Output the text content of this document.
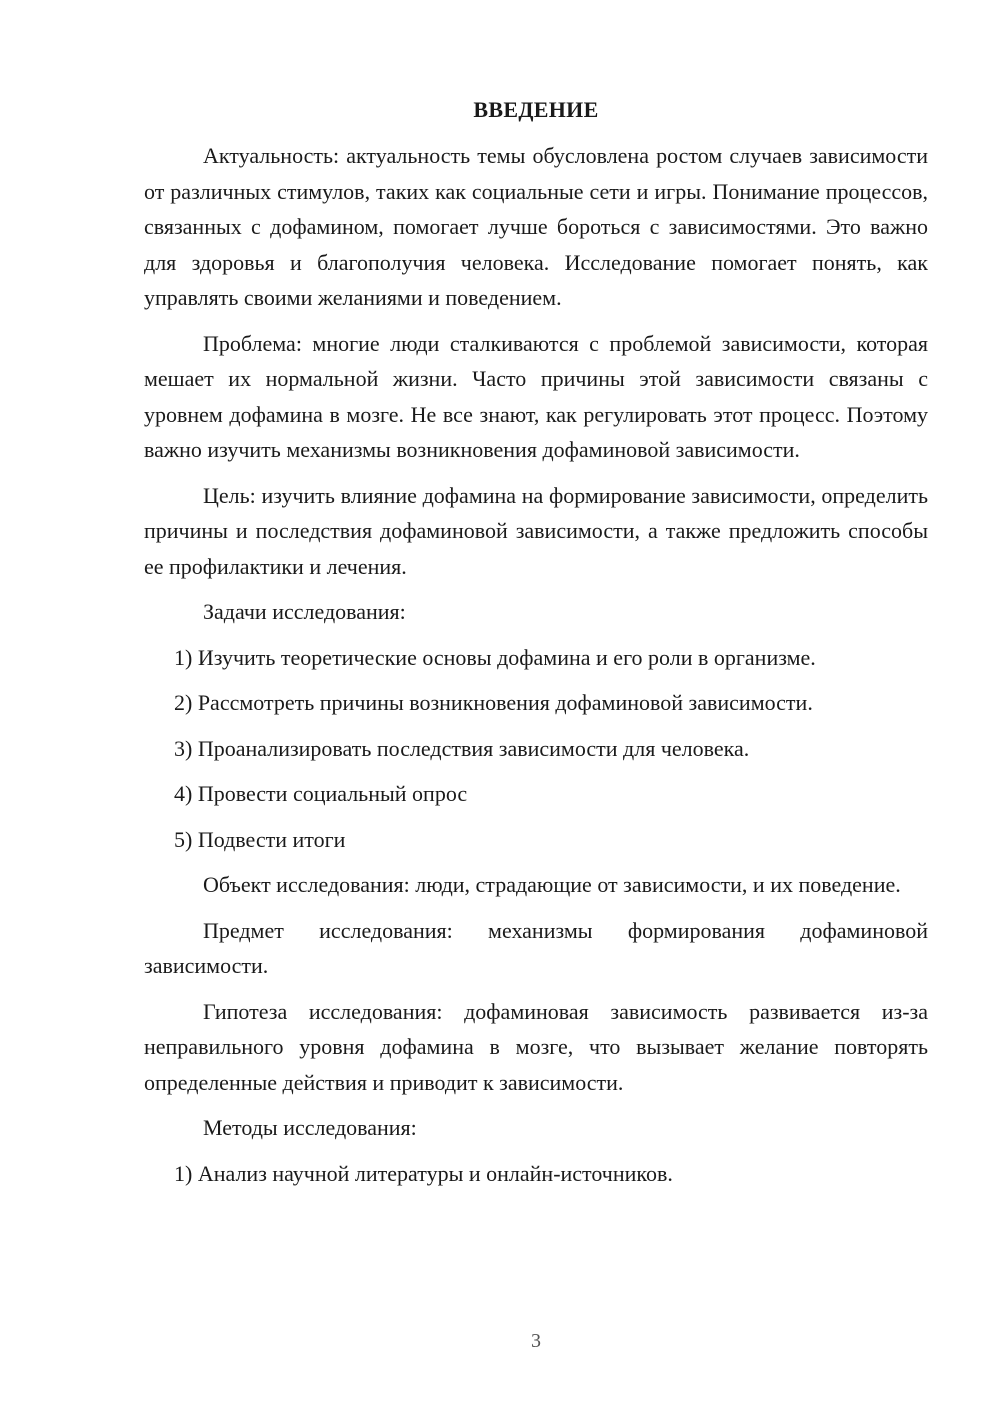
ВВЕДЕНИЕ

Актуальность: актуальность темы обусловлена ростом случаев зависимости от различных стимулов, таких как социальные сети и игры. Понимание процессов, связанных с дофамином, помогает лучше бороться с зависимостями. Это важно для здоровья и благополучия человека. Исследование помогает понять, как управлять своими желаниями и поведением.

Проблема: многие люди сталкиваются с проблемой зависимости, которая мешает их нормальной жизни. Часто причины этой зависимости связаны с уровнем дофамина в мозге. Не все знают, как регулировать этот процесс. Поэтому важно изучить механизмы возникновения дофаминовой зависимости.

Цель: изучить влияние дофамина на формирование зависимости, определить причины и последствия дофаминовой зависимости, а также предложить способы ее профилактики и лечения.

Задачи исследования:
1) Изучить теоретические основы дофамина и его роли в организме.
2) Рассмотреть причины возникновения дофаминовой зависимости.
3) Проанализировать последствия зависимости для человека.
4) Провести социальный опрос
5) Подвести итоги

Объект исследования: люди, страдающие от зависимости, и их поведение.

Предмет исследования: механизмы формирования дофаминовой зависимости.

Гипотеза исследования: дофаминовая зависимость развивается из-за неправильного уровня дофамина в мозге, что вызывает желание повторять определенные действия и приводит к зависимости.

Методы исследования:
1) Анализ научной литературы и онлайн-источников.
3
